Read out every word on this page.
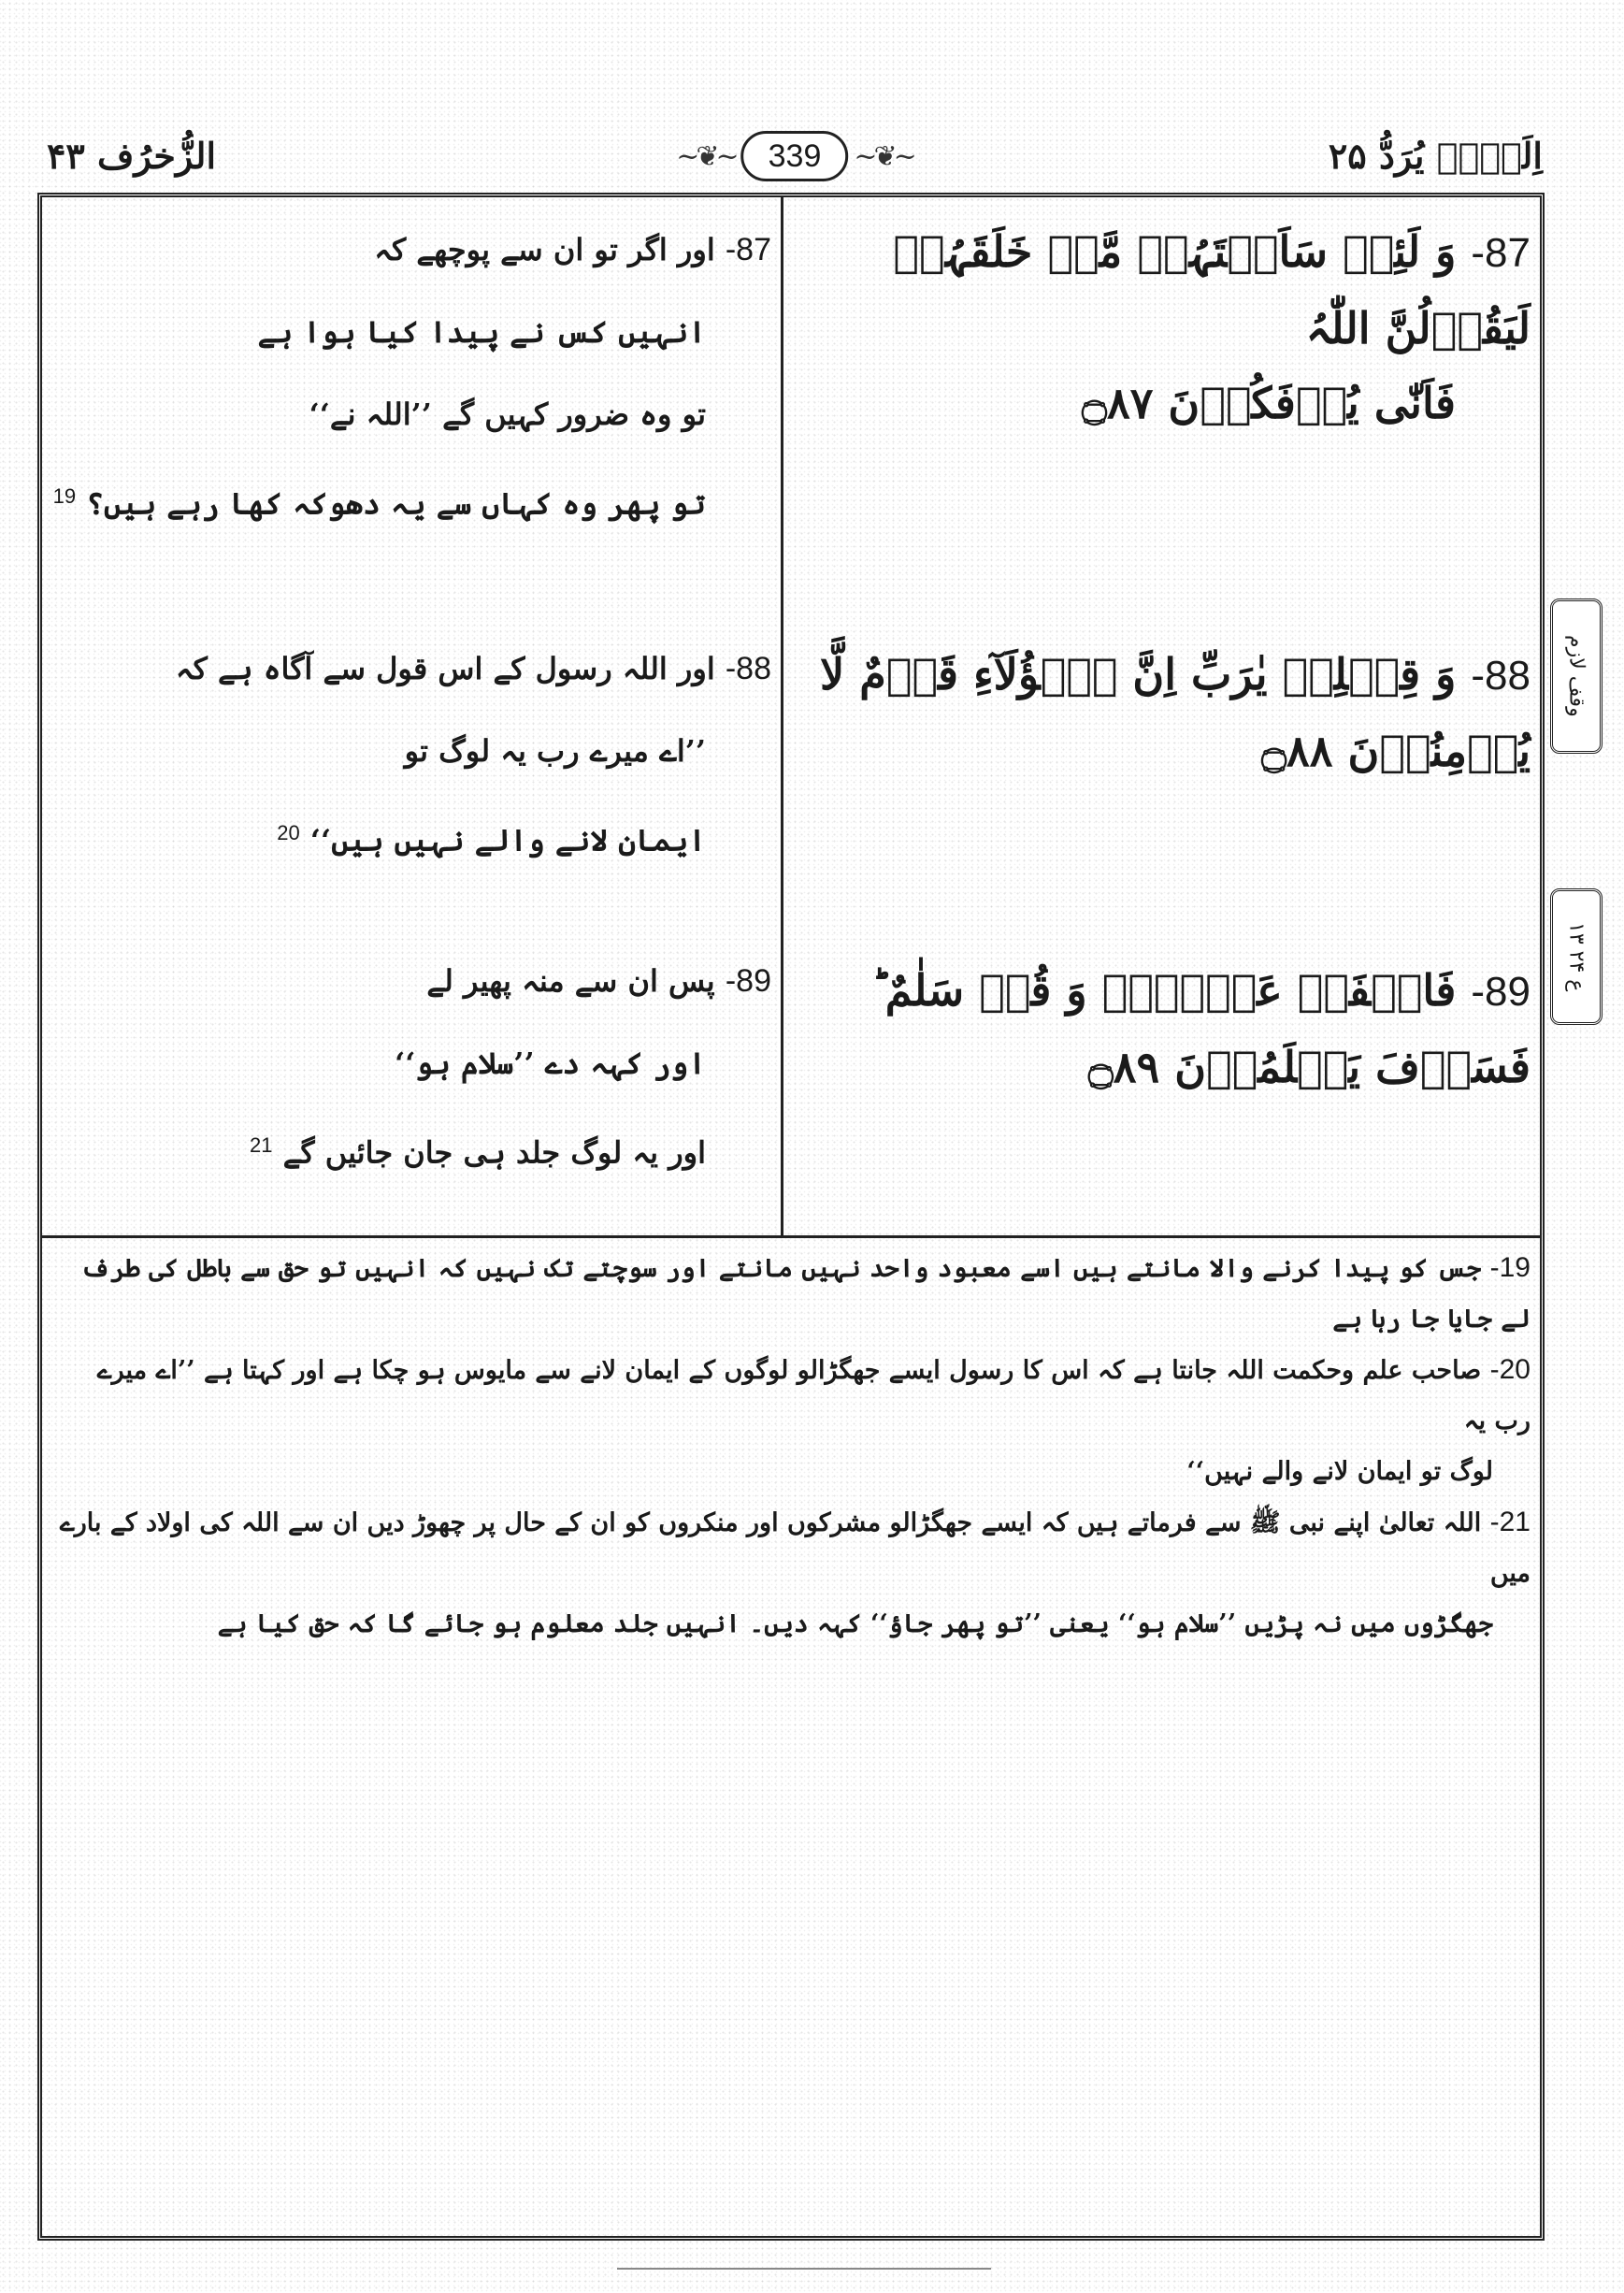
الزُّخرُف ۴۳	~❦~	339	~❦~	اِلَیۡہِ یُرَدُّ ۲۵
87- وَ لَئِنۡ سَاَلۡتَہُمۡ مَّنۡ خَلَقَہُمۡ لَیَقُوۡلُنَّ اللّٰہُ
فَاَنّٰی یُؤۡفَکُوۡنَ ۝۸۷
88- وَ قِیۡلِہٖ یٰرَبِّ اِنَّ ہٰۤؤُلَآءِ قَوۡمٌ لَّا یُؤۡمِنُوۡنَ ۝۸۸
89- فَاصۡفَحۡ عَنۡہُمۡ وَ قُلۡ سَلٰمٌ ؕ فَسَوۡفَ یَعۡلَمُوۡنَ ۝۸۹
87- اور اگر تو ان سے پوچھے کہ
انہیں کس نے پیدا کیا ہوا ہے
تو وہ ضرور کہیں گے ’’اللہ نے‘‘
تو پھر وہ کہاں سے یہ دھوکہ کھا رہے ہیں؟ $^{19}$
88- اور اللہ رسول کے اس قول سے آگاہ ہے کہ
’’اے میرے رب یہ لوگ تو
ایمان لانے والے نہیں ہیں‘‘ $^{20}$
89- پس ان سے منہ پھیر لے
اور کہہ دے ’’سلام ہو‘‘
اور یہ لوگ جلد ہی جان جائیں گے $^{21}$
19- جس کو پیدا کرنے والا مانتے ہیں اسے معبود واحد نہیں مانتے اور سوچتے تک نہیں کہ انہیں تو حق سے باطل کی طرف لے جایا جا رہا ہے
20- صاحب علم وحکمت اللہ جانتا ہے کہ اس کا رسول ایسے جھگڑالو لوگوں کے ایمان لانے سے مایوس ہو چکا ہے اور کہتا ہے ’’اے میرے رب یہ
لوگ تو ایمان لانے والے نہیں‘‘
21- اللہ تعالیٰ اپنے نبی ﷺ سے فرماتے ہیں کہ ایسے جھگڑالو مشرکوں اور منکروں کو ان کے حال پر چھوڑ دیں ان سے اللہ کی اولاد کے بارے میں
جھگڑوں میں نہ پڑیں ’’سلام ہو‘‘ یعنی ’’تو پھر جاؤ‘‘ کہہ دیں۔ انہیں جلد معلوم ہو جائے گا کہ حق کیا ہے
وقف لازم
ع ۲۴ ۱۳
